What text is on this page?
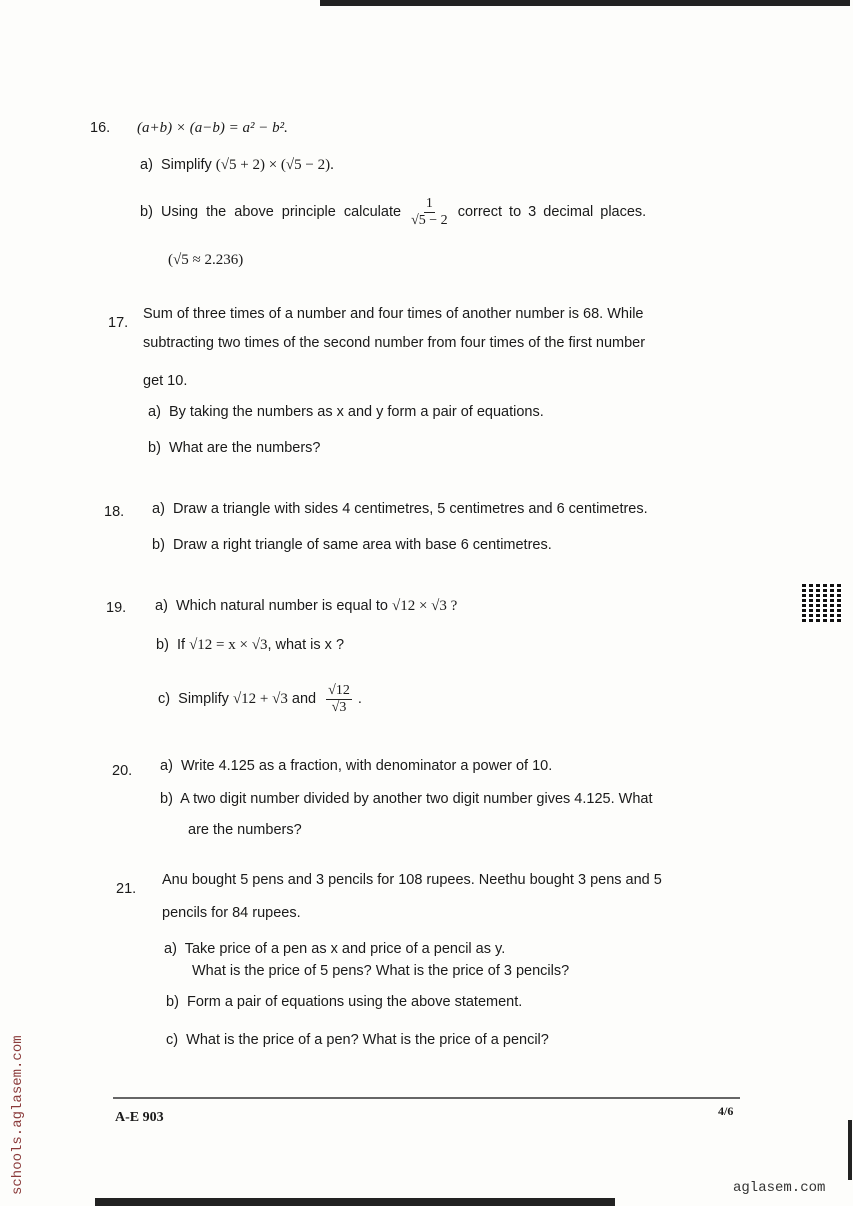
16. (a+b) × (a−b) = a² − b².
a) Simplify (√5 + 2) × (√5 − 2).
b) Using the above principle calculate $\frac{1}{√5 - 2}$ correct to 3 decimal places.
(√5 ≈ 2.236)
17.
Sum of three times of a number and four times of another number is 68. While
subtracting two times of the second number from four times of the first number
get 10.
a) By taking the numbers as x and y form a pair of equations.
b) What are the numbers?
18. a) Draw a triangle with sides 4 centimetres, 5 centimetres and 6 centimetres.
b) Draw a right triangle of same area with base 6 centimetres.
19. a) Which natural number is equal to √12 × √3 ?
b) If √12 = x × √3, what is x ?
c) Simplify √12 + √3 and $\frac{√12}{√3}$ .
20. a) Write 4.125 as a fraction, with denominator a power of 10.
b) A two digit number divided by another two digit number gives 4.125. What
are the numbers?
21.
Anu bought 5 pens and 3 pencils for 108 rupees. Neethu bought 3 pens and 5
pencils for 84 rupees.
a) Take price of a pen as x and price of a pencil as y.
What is the price of 5 pens? What is the price of 3 pencils?
b) Form a pair of equations using the above statement.
c) What is the price of a pen? What is the price of a pencil?
A-E 903	4/6
schools.aglasem.com	aglasem.com
